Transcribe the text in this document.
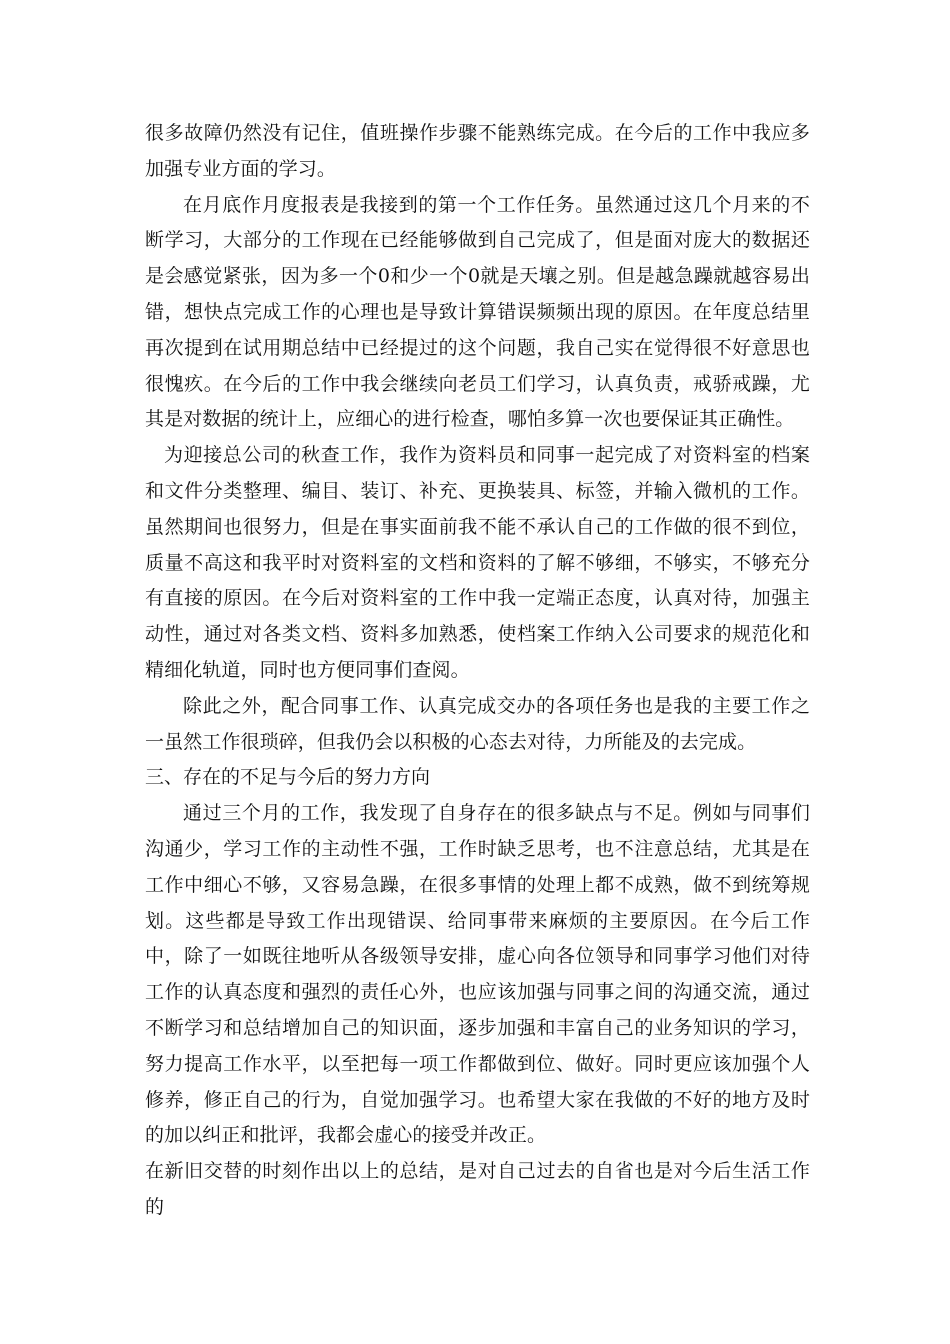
很多故障仍然没有记住，值班操作步骤不能熟练完成。在今后的工作中我应多加强专业方面的学习。

在月底作月度报表是我接到的第一个工作任务。虽然通过这几个月来的不断学习，大部分的工作现在已经能够做到自己完成了，但是面对庞大的数据还是会感觉紧张，因为多一个0和少一个0就是天壤之别。但是越急躁就越容易出错，想快点完成工作的心理也是导致计算错误频频出现的原因。在年度总结里再次提到在试用期总结中已经提过的这个问题，我自己实在觉得很不好意思也很愧疚。在今后的工作中我会继续向老员工们学习，认真负责，戒骄戒躁，尤其是对数据的统计上，应细心的进行检查，哪怕多算一次也要保证其正确性。

为迎接总公司的秋查工作，我作为资料员和同事一起完成了对资料室的档案和文件分类整理、编目、装订、补充、更换装具、标签，并输入微机的工作。虽然期间也很努力，但是在事实面前我不能不承认自己的工作做的很不到位，质量不高这和我平时对资料室的文档和资料的了解不够细，不够实，不够充分有直接的原因。在今后对资料室的工作中我一定端正态度，认真对待，加强主动性，通过对各类文档、资料多加熟悉，使档案工作纳入公司要求的规范化和精细化轨道，同时也方便同事们查阅。

除此之外，配合同事工作、认真完成交办的各项任务也是我的主要工作之一虽然工作很琐碎，但我仍会以积极的心态去对待，力所能及的去完成。

三、存在的不足与今后的努力方向

通过三个月的工作，我发现了自身存在的很多缺点与不足。例如与同事们沟通少，学习工作的主动性不强，工作时缺乏思考，也不注意总结，尤其是在工作中细心不够，又容易急躁，在很多事情的处理上都不成熟，做不到统筹规划。这些都是导致工作出现错误、给同事带来麻烦的主要原因。在今后工作中，除了一如既往地听从各级领导安排，虚心向各位领导和同事学习他们对待工作的认真态度和强烈的责任心外，也应该加强与同事之间的沟通交流，通过不断学习和总结增加自己的知识面，逐步加强和丰富自己的业务知识的学习，努力提高工作水平，以至把每一项工作都做到位、做好。同时更应该加强个人修养，修正自己的行为，自觉加强学习。也希望大家在我做的不好的地方及时的加以纠正和批评，我都会虚心的接受并改正。

在新旧交替的时刻作出以上的总结，是对自己过去的自省也是对今后生活工作的
